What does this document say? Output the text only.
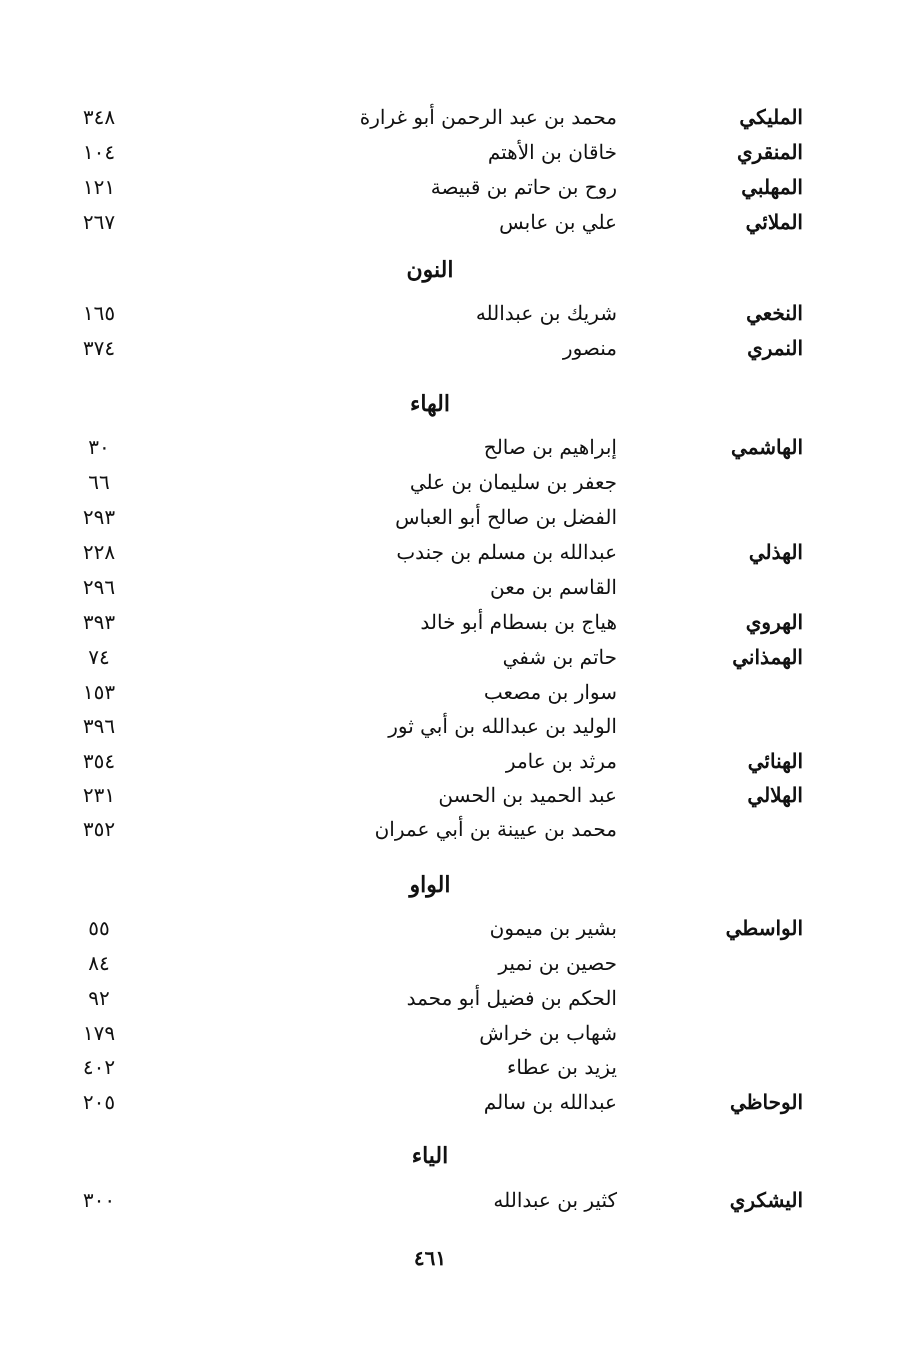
المليكي
محمد بن عبد الرحمن أبو غرارة
٣٤٨
المنقري
خاقان بن الأهتم
١٠٤
المهلبي
روح بن حاتم بن قبيصة
١٢١
الملائي
علي بن عابس
٢٦٧
النون
النخعي
شريك بن عبدالله
١٦٥
النمري
منصور
٣٧٤
الهاء
الهاشمي
إبراهيم بن صالح
٣٠
جعفر بن سليمان بن علي
٦٦
الفضل بن صالح أبو العباس
٢٩٣
الهذلي
عبدالله بن مسلم بن جندب
٢٢٨
القاسم بن معن
٢٩٦
الهروي
هياج بن بسطام أبو خالد
٣٩٣
الهمذاني
حاتم بن شفي
٧٤
سوار بن مصعب
١٥٣
الوليد بن عبدالله بن أبي ثور
٣٩٦
الهنائي
مرثد بن عامر
٣٥٤
الهلالي
عبد الحميد بن الحسن
٢٣١
محمد بن عيينة بن أبي عمران
٣٥٢
الواو
الواسطي
بشير بن ميمون
٥٥
حصين بن نمير
٨٤
الحكم بن فضيل أبو محمد
٩٢
شهاب بن خراش
١٧٩
يزيد بن عطاء
٤٠٢
الوحاظي
عبدالله بن سالم
٢٠٥
الياء
اليشكري
كثير بن عبدالله
٣٠٠
٤٦١
